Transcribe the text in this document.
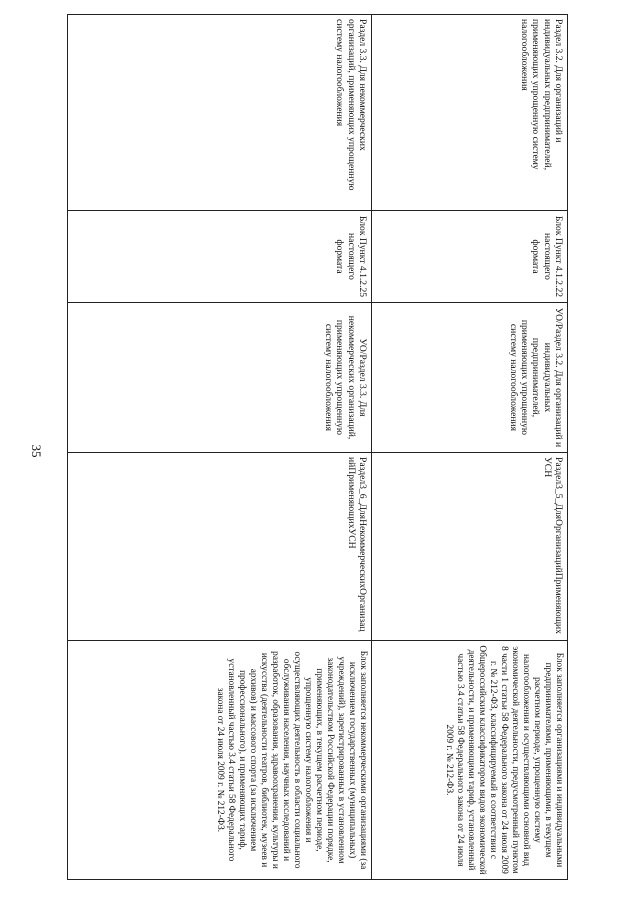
35
Раздел 3.2. Для организаций и индивидуальных предпринимателей, применяющих упрощенную систему налогообложения	Блок Пункт 4.1.2.22 настоящего формата	УО/Раздел 3.2. Для организаций и индивидуальных предпринимателей, применяющих упрощенную систему налогообложения	Раздел3_5_ДляОрганизацийПрименяющихУСН	Блок заполняется организациями и индивидуальными предпринимателями, применяющими, в текущем расчетном периоде, упрощенную систему налогообложения и осуществляющими основной вид экономической деятельности, предусмотренный пунктом 8 части 1 статьи 58 Федерального закона от 24 июля 2009 г. № 212-ФЗ, классифицируемый в соответствии с Общероссийским классификатором видов экономической деятельности, и применяющими тариф, установленный частью 3.4 статьи 58 Федерального закона от 24 июля 2009 г. № 212-ФЗ.
Раздел 3.3. Для некоммерческих организаций, применяющих упрощенную систему налогообложения	Блок Пункт 4.1.2.25 настоящего формата	УО/Раздел 3.3. Для некоммерческих организаций, применяющих упрощенную систему налогообложения	Раздел3_6_ДляНекоммерческихОрганизацийПрименяющихУСН	Блок заполняется некоммерческими организациями (за исключением государственных (муниципальных) учреждений), зарегистрированных в установленном законодательством Российской Федерации порядке, применяющих, в текущем расчетном периоде, упрощенную систему налогообложения и осуществляющих деятельность в области социального обслуживания населения, научных исследований и разработок, образования, здравоохранения, культуры и искусства (деятельности театров, библиотек, музеев и архивов) и массового спорта (за исключением профессионального), и применяющих тариф, установленный частью 3.4 статьи 58 Федерального закона от 24 июля 2009 г. № 212-ФЗ.
